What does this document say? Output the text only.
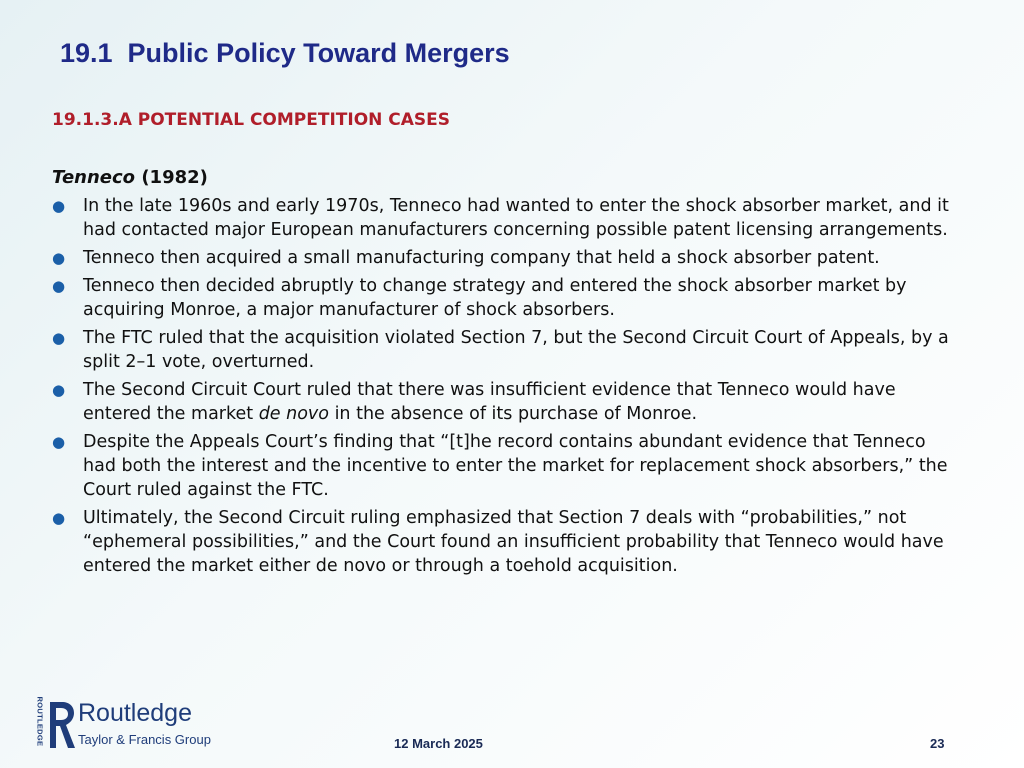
19.1  Public Policy Toward Mergers
19.1.3.A POTENTIAL COMPETITION CASES
Tenneco (1982)
● In the late 1960s and early 1970s, Tenneco had wanted to enter the shock absorber market, and it had contacted major European manufacturers concerning possible patent licensing arrangements.
● Tenneco then acquired a small manufacturing company that held a shock absorber patent.
● Tenneco then decided abruptly to change strategy and entered the shock absorber market by acquiring Monroe, a major manufacturer of shock absorbers.
● The FTC ruled that the acquisition violated Section 7, but the Second Circuit Court of Appeals, by a split 2–1 vote, overturned.
● The Second Circuit Court ruled that there was insufficient evidence that Tenneco would have entered the market de novo in the absence of its purchase of Monroe.
● Despite the Appeals Court’s finding that “[t]he record contains abundant evidence that Tenneco had both the interest and the incentive to enter the market for replacement shock absorbers,” the Court ruled against the FTC.
● Ultimately, the Second Circuit ruling emphasized that Section 7 deals with “probabilities,” not “ephemeral possibilities,” and the Court found an insufficient probability that Tenneco would have entered the market either de novo or through a toehold acquisition.
ROUTLEDGE Routledge
Taylor & Francis Group	12 March 2025	23
